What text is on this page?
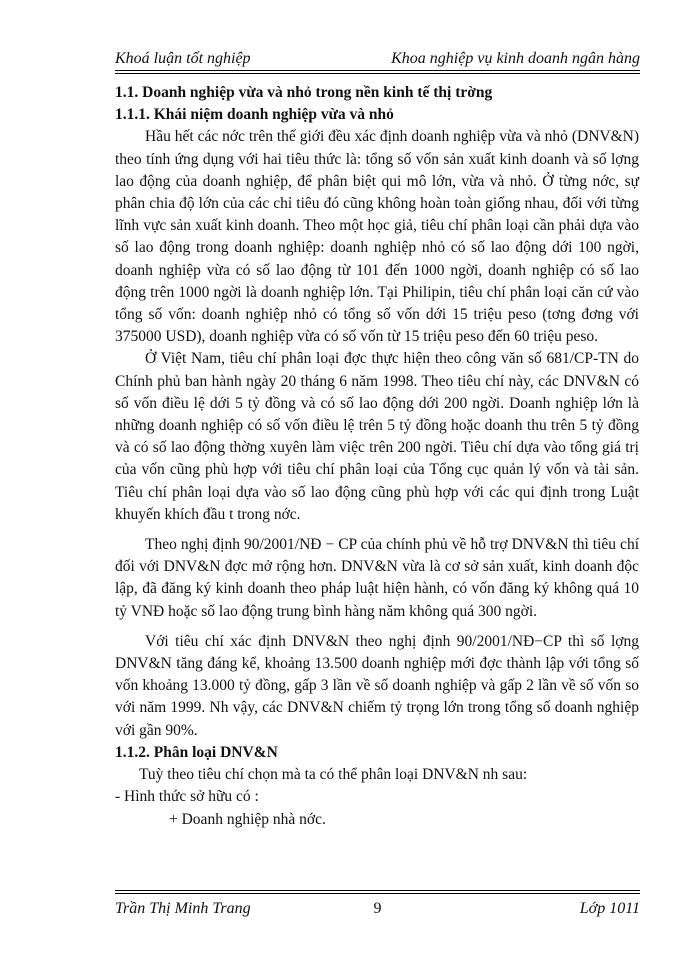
Khoá luận tốt nghiệp	Khoa nghiệp vụ kinh doanh ngân hàng

1.1. Doanh nghiệp vừa và nhỏ trong nền kinh tế thị trờng

1.1.1. Khái niệm doanh nghiệp vừa và nhỏ

Hầu hết các nớc trên thế giới đều xác định doanh nghiệp vừa và nhỏ (DNV&N) theo tính ứng dụng với hai tiêu thức là: tổng số vốn sản xuất kinh doanh và số lợng lao động của doanh nghiệp, để phân biệt qui mô lớn, vừa và nhỏ. Ở từng nớc, sự phân chia độ lớn của các chỉ tiêu đó cũng không hoàn toàn giống nhau, đối với từng lĩnh vực sản xuất kinh doanh. Theo một học giả, tiêu chí phân loại cần phải dựa vào số lao động trong doanh nghiệp: doanh nghiệp nhỏ có số lao động dới 100 ngời, doanh nghiệp vừa có số lao động từ 101 đến 1000 ngời, doanh nghiệp có số lao động trên 1000 ngời là doanh nghiệp lớn. Tại Philipin, tiêu chí phân loại căn cứ vào tổng số vốn: doanh nghiệp nhỏ có tổng số vốn dới 15 triệu peso (tơng đơng với 375000 USD), doanh nghiệp vừa có số vốn từ 15 triệu peso đến 60 triệu peso.

Ở Việt Nam, tiêu chí phân loại đợc thực hiện theo công văn số 681/CP-TN do Chính phủ ban hành ngày 20 tháng 6 năm 1998. Theo tiêu chí này, các DNV&N có số vốn điều lệ dới 5 tỷ đồng và có số lao động dới 200 ngời. Doanh nghiệp lớn là những doanh nghiệp có số vốn điều lệ trên 5 tỷ đồng hoặc doanh thu trên 5 tỷ đồng và có số lao động thờng xuyên làm việc trên 200 ngời. Tiêu chí dựa vào tổng giá trị của vốn cũng phù hợp với tiêu chí phân loại của Tổng cục quản lý vốn và tài sản. Tiêu chí phân loại dựa vào số lao động cũng phù hợp với các qui định trong Luật khuyến khích đầu t trong nớc.

Theo nghị định 90/2001/NĐ − CP của chính phủ về hỗ trợ DNV&N thì tiêu chí đối với DNV&N đợc mở rộng hơn. DNV&N vừa là cơ sở sản xuất, kinh doanh độc lập, đã đăng ký kinh doanh theo pháp luật hiện hành, có vốn đăng ký không quá 10 tỷ VNĐ hoặc số lao động trung bình hàng năm không quá 300 ngời.

Với tiêu chí xác định DNV&N theo nghị định 90/2001/NĐ−CP thì số lợng DNV&N tăng đáng kể, khoảng 13.500 doanh nghiệp mới đợc thành lập với tổng số vốn khoảng 13.000 tỷ đồng, gấp 3 lần về số doanh nghiệp và gấp 2 lần về số vốn so với năm 1999. Nh vậy, các DNV&N chiếm tỷ trọng lớn trong tổng số doanh nghiệp với gần 90%.

1.1.2. Phân loại DNV&N

Tuỳ theo tiêu chí chọn mà ta có thể phân loại DNV&N nh sau:

- Hình thức sở hữu có :

+ Doanh nghiệp nhà nớc.

Trần Thị Minh Trang	9	Lớp 1011
